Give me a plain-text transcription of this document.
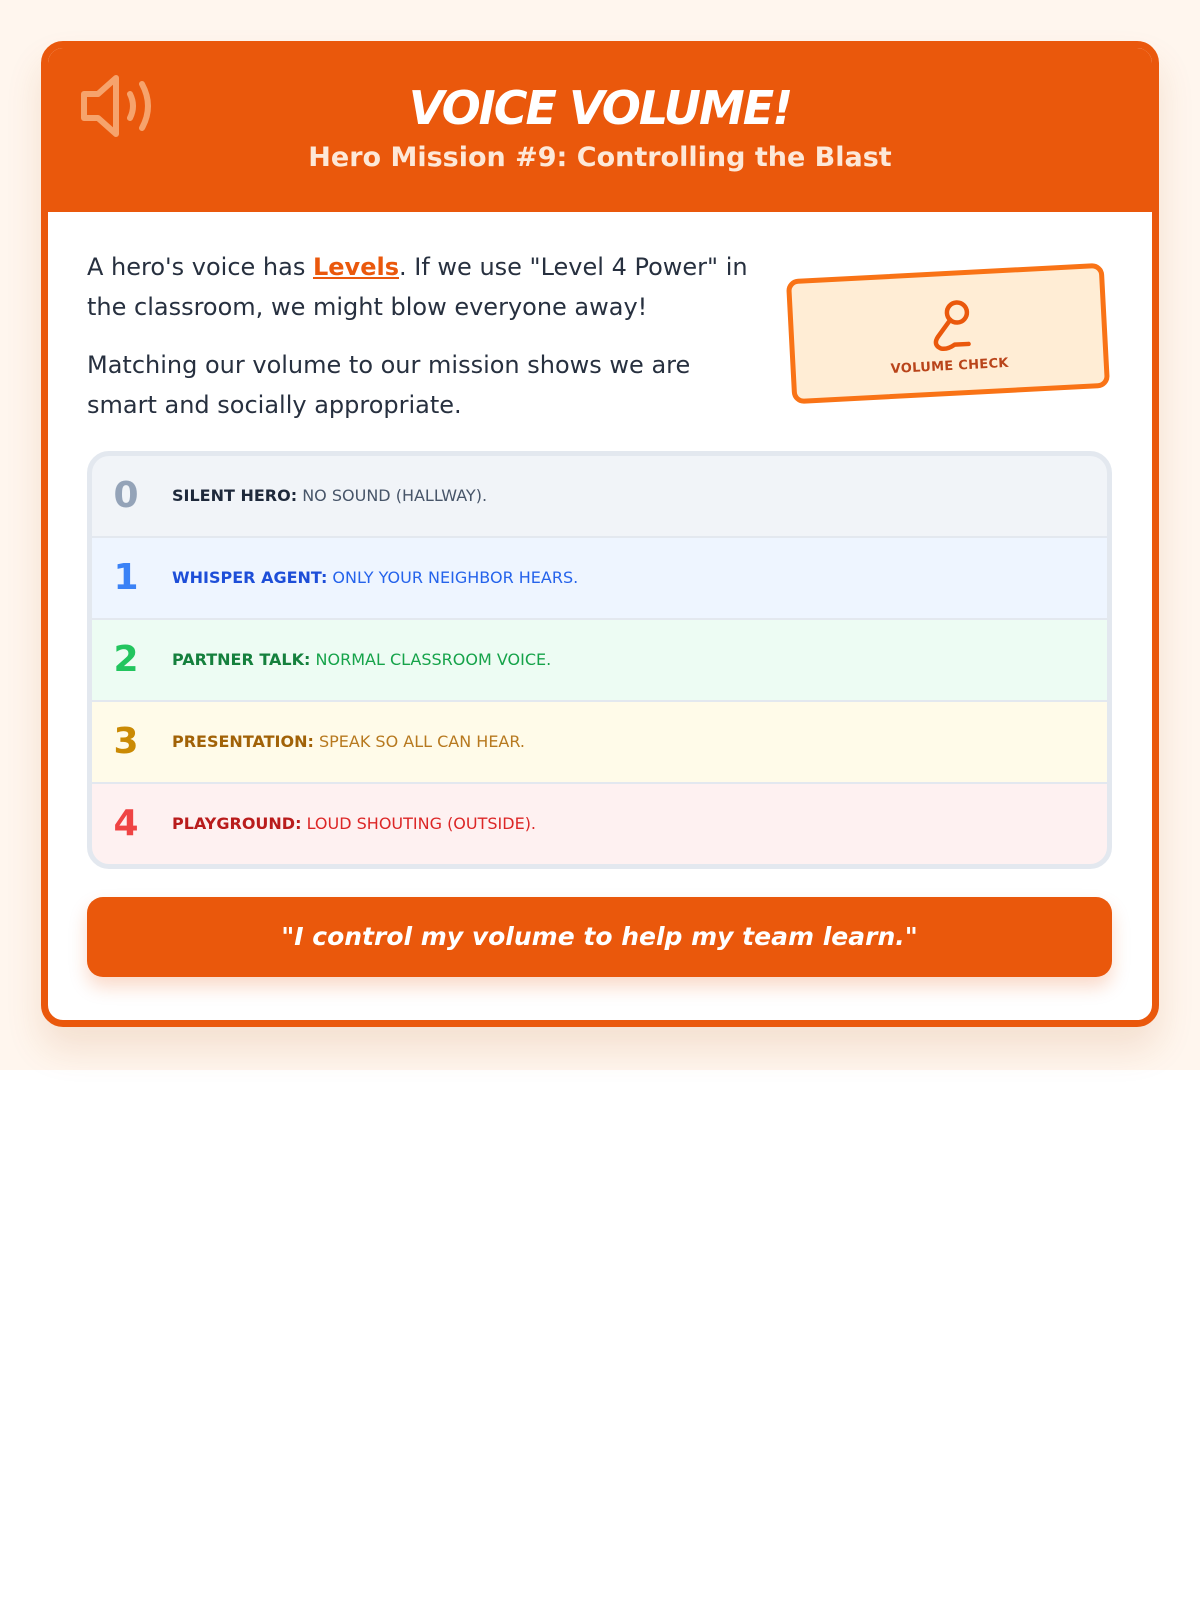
VOICE VOLUME!
Hero Mission #9: Controlling the Blast

A hero's voice has Levels. If we use "Level 4 Power" in the classroom, we might blow everyone away!

Matching our volume to our mission shows we are smart and socially appropriate.

VOLUME CHECK
0	SILENT HERO: NO SOUND (HALLWAY).
1	WHISPER AGENT: ONLY YOUR NEIGHBOR HEARS.
2	PARTNER TALK: NORMAL CLASSROOM VOICE.
3	PRESENTATION: SPEAK SO ALL CAN HEAR.
4	PLAYGROUND: LOUD SHOUTING (OUTSIDE).
"I control my volume to help my team learn."
